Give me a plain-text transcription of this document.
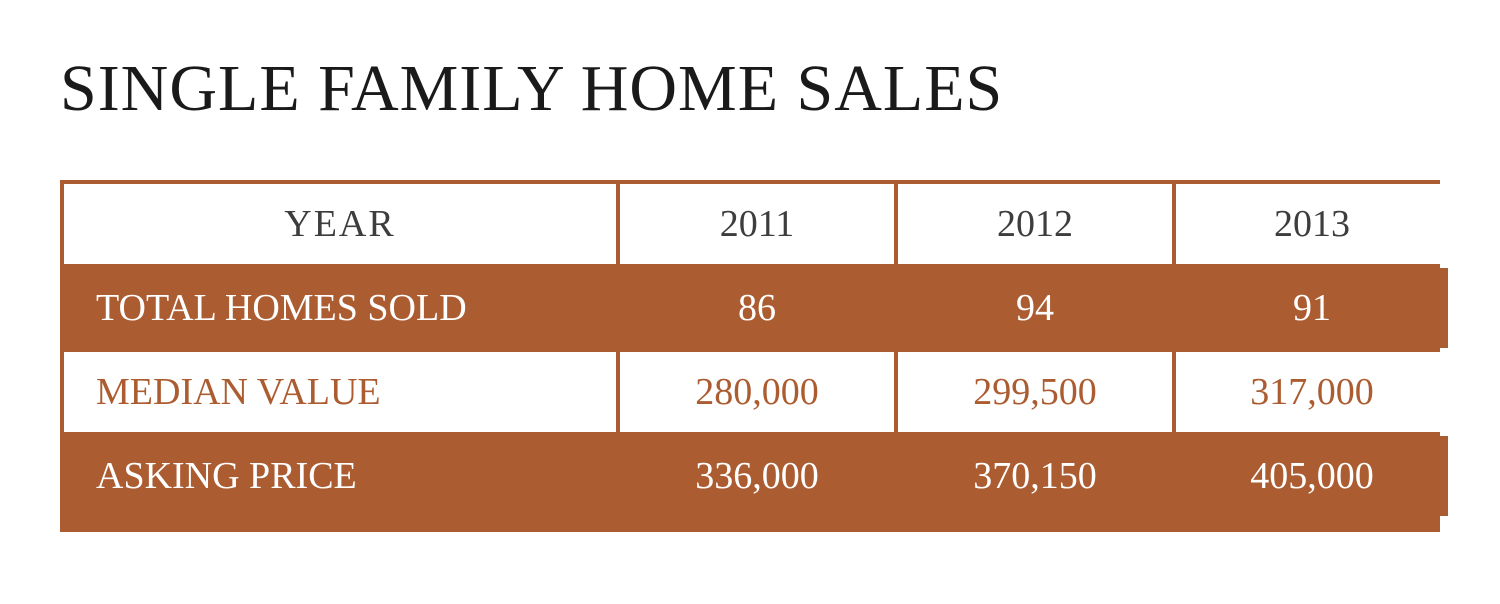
SINGLE FAMILY HOME SALES
YEAR	2011	2012	2013
TOTAL HOMES SOLD	86	94	91
MEDIAN VALUE	280,000	299,500	317,000
ASKING PRICE	336,000	370,150	405,000
